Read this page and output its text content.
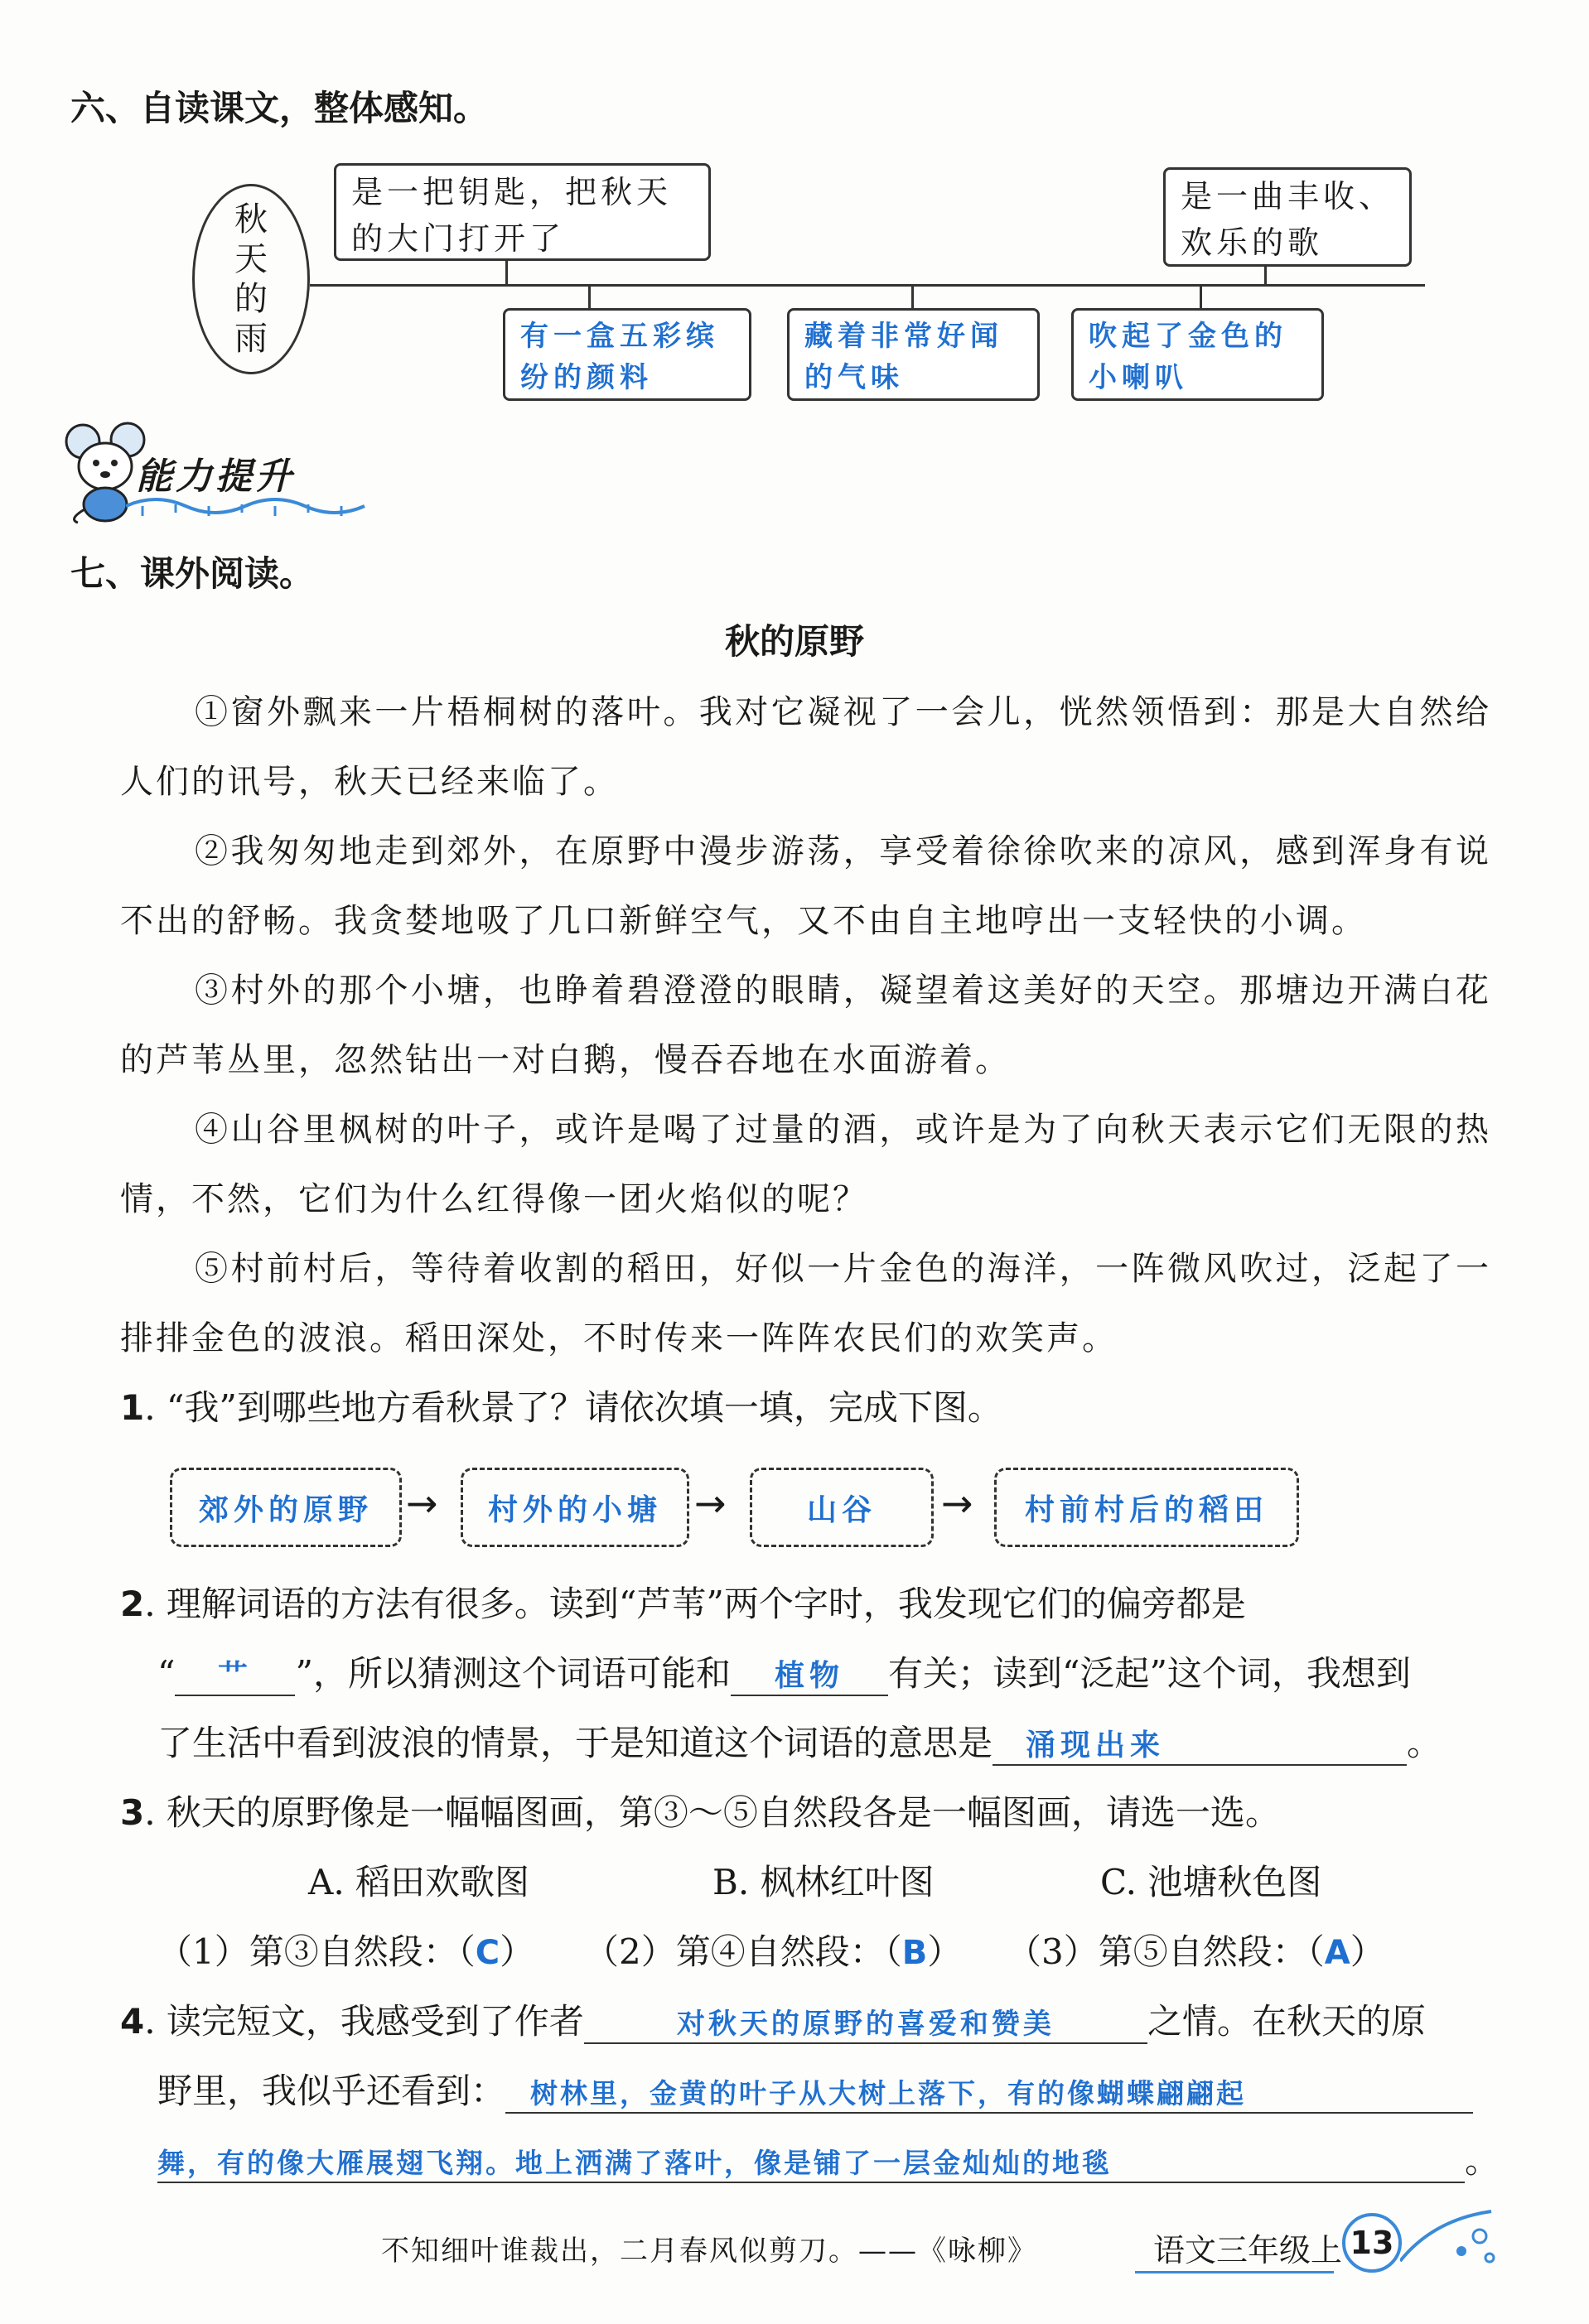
六、自读课文，整体感知。
秋天的雨
是一把钥匙，把秋天的大门打开了
是一曲丰收、欢乐的歌
有一盒五彩缤纷的颜料
藏着非常好闻的气味
吹起了金色的小喇叭
能力提升
七、课外阅读。
秋的原野
①窗外飘来一片梧桐树的落叶。我对它凝视了一会儿，恍然领悟到：那是大自然给人们的讯号，秋天已经来临了。
②我匆匆地走到郊外，在原野中漫步游荡，享受着徐徐吹来的凉风，感到浑身有说不出的舒畅。我贪婪地吸了几口新鲜空气，又不由自主地哼出一支轻快的小调。
③村外的那个小塘，也睁着碧澄澄的眼睛，凝望着这美好的天空。那塘边开满白花的芦苇丛里，忽然钻出一对白鹅，慢吞吞地在水面游着。
④山谷里枫树的叶子，或许是喝了过量的酒，或许是为了向秋天表示它们无限的热情，不然，它们为什么红得像一团火焰似的呢？
⑤村前村后，等待着收割的稻田，好似一片金色的海洋，一阵微风吹过，泛起了一排排金色的波浪。稻田深处，不时传来一阵阵农民们的欢笑声。
1. “我”到哪些地方看秋景了？请依次填一填，完成下图。
郊外的原野 → 村外的小塘 →	山谷 → 村前村后的稻田
2. 理解词语的方法有很多。读到“芦苇”两个字时，我发现它们的偏旁都是
“ 艹 ”，所以猜测这个词语可能和 植物 有关；读到“泛起”这个词，我想到
了生活中看到波浪的情景，于是知道这个词语的意思是 涌现出来	。
3. 秋天的原野像是一幅幅图画，第③～⑤自然段各是一幅图画，请选一选。
A. 稻田欢歌图	B. 枫林红叶图	C. 池塘秋色图
（1）第③自然段：（C） （2）第④自然段：（B） （3）第⑤自然段：（A）
4. 读完短文，我感受到了作者	对秋天的原野的喜爱和赞美	之情。在秋天的原
野里，我似乎还看到： 树林里，金黄的叶子从大树上落下，有的像蝴蝶翩翩起
舞，有的像大雁展翅飞翔。地上洒满了落叶，像是铺了一层金灿灿的地毯	。
不知细叶谁裁出，二月春风似剪刀。——《咏柳》	语文三年级上 13
